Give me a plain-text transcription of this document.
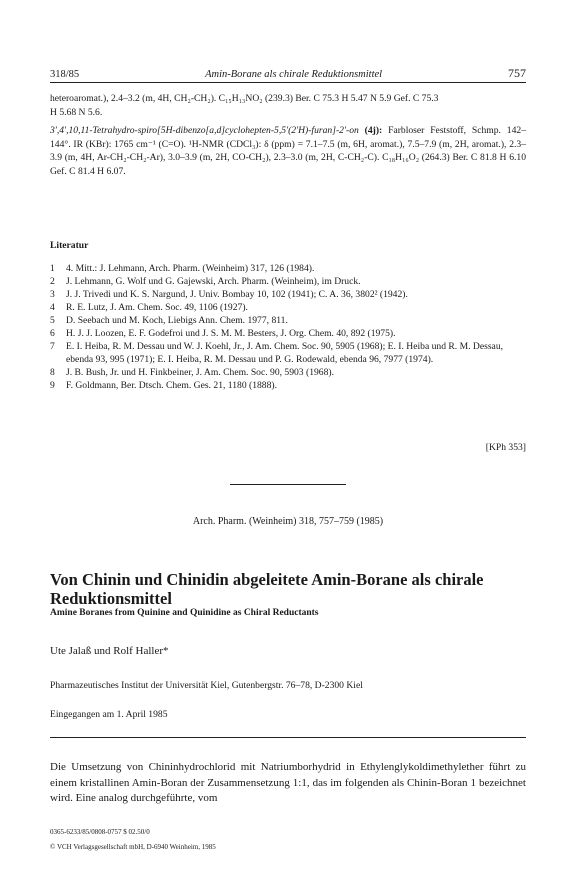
318/85	Amin-Borane als chirale Reduktionsmittel	757
heteroaromat.), 2.4–3.2 (m, 4H, CH₂-CH₂). C₁₅H₁₃NO₂ (239.3) Ber. C 75.3 H 5.47 N 5.9 Gef. C 75.3
H 5.68 N 5.6.

3',4',10,11-Tetrahydro-spiro[5H-dibenzo[a,d]cyclohepten-5,5'(2'H)-furan]-2'-on (4j): Farbloser Feststoff, Schmp. 142–144°. IR (KBr): 1765 cm⁻¹ (C=O). ¹H-NMR (CDCl₃): δ (ppm) = 7.1–7.5 (m, 6H, aromat.), 7.5–7.9 (m, 2H, aromat.), 2.3–3.9 (m, 4H, Ar-CH₂-CH₂-Ar), 3.0–3.9 (m, 2H, CO-CH₂), 2.3–3.0 (m, 2H, C-CH₂-C). C₁₈H₁₆O₂ (264.3) Ber. C 81.8 H 6.10 Gef. C 81.4 H 6.07.

Literatur

1	4. Mitt.: J. Lehmann, Arch. Pharm. (Weinheim) 317, 126 (1984).
2	J. Lehmann, G. Wolf und G. Gajewski, Arch. Pharm. (Weinheim), im Druck.
3	J. J. Trivedi und K. S. Nargund, J. Univ. Bombay 10, 102 (1941); C. A. 36, 3802² (1942).
4	R. E. Lutz, J. Am. Chem. Soc. 49, 1106 (1927).
5	D. Seebach und M. Koch, Liebigs Ann. Chem. 1977, 811.
6	H. J. J. Loozen, E. F. Godefroi und J. S. M. M. Besters, J. Org. Chem. 40, 892 (1975).
7	E. I. Heiba, R. M. Dessau und W. J. Koehl, Jr., J. Am. Chem. Soc. 90, 5905 (1968); E. I. Heiba und R. M. Dessau, ebenda 93, 995 (1971); E. I. Heiba, R. M. Dessau und P. G. Rodewald, ebenda 96, 7977 (1974).
8	J. B. Bush, Jr. und H. Finkbeiner, J. Am. Chem. Soc. 90, 5903 (1968).
9	F. Goldmann, Ber. Dtsch. Chem. Ges. 21, 1180 (1888).
[KPh 353]
Arch. Pharm. (Weinheim) 318, 757–759 (1985)
Von Chinin und Chinidin abgeleitete Amin-Borane als chirale Reduktionsmittel
Amine Boranes from Quinine and Quinidine as Chiral Reductants
Ute Jalaß und Rolf Haller*
Pharmazeutisches Institut der Universität Kiel, Gutenbergstr. 76–78, D-2300 Kiel
Eingegangen am 1. April 1985

Die Umsetzung von Chininhydrochlorid mit Natriumborhydrid in Ethylenglykoldimethylether führt zu einem kristallinen Amin-Boran der Zusammensetzung 1:1, das im folgenden als Chinin-Boran 1 bezeichnet wird. Eine analog durchgeführte, vom

0365-6233/85/0808-0757 $ 02.50/0
© VCH Verlagsgesellschaft mbH, D-6940 Weinheim, 1985
